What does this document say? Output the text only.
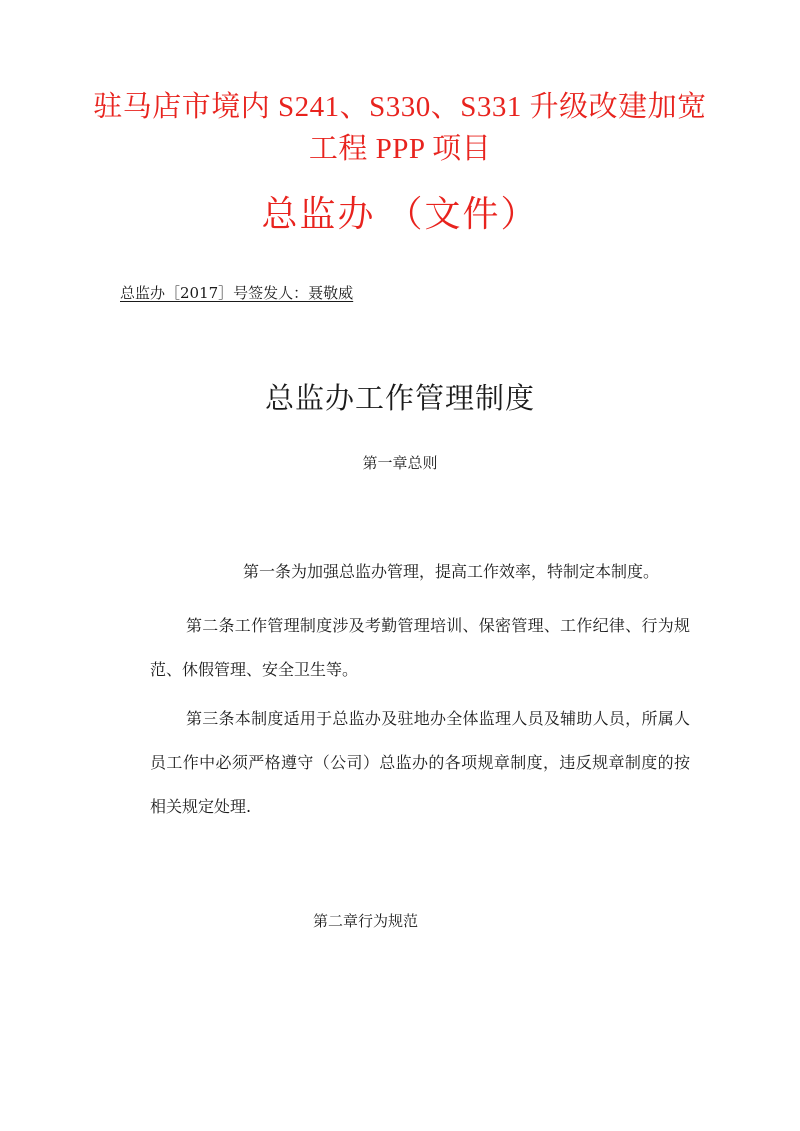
驻马店市境内 S241、S330、S331 升级改建加宽
工程 PPP 项目
总监办 （文件）
总监办［2017］号签发人：聂敬威
总监办工作管理制度
第一章总则
第一条为加强总监办管理，提高工作效率，特制定本制度。
第二条工作管理制度涉及考勤管理培训、保密管理、工作纪律、行为规范、休假管理、安全卫生等。
第三条本制度适用于总监办及驻地办全体监理人员及辅助人员，所属人员工作中必须严格遵守（公司）总监办的各项规章制度，违反规章制度的按相关规定处理.
第二章行为规范
